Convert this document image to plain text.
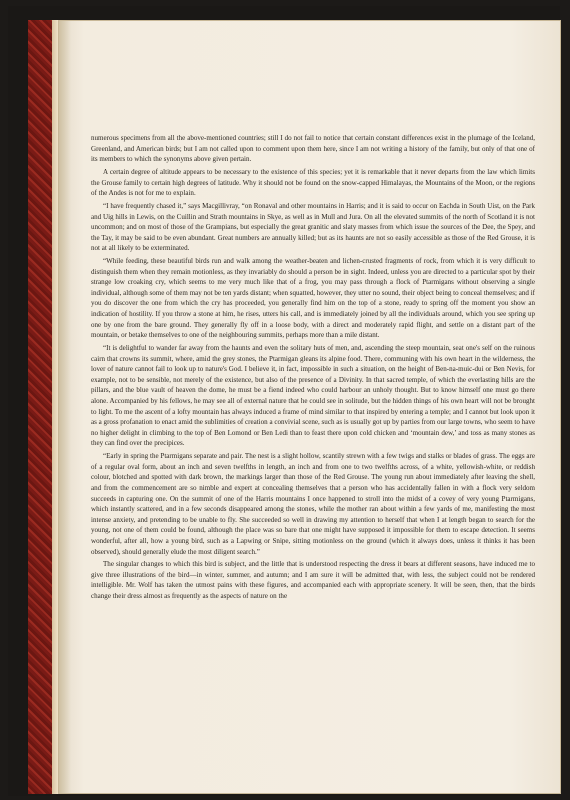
numerous specimens from all the above-mentioned countries; still I do not fail to notice that certain constant differences exist in the plumage of the Iceland, Greenland, and American birds; but I am not called upon to comment upon them here, since I am not writing a history of the family, but only of that one of its members to which the synonyms above given pertain.

A certain degree of altitude appears to be necessary to the existence of this species; yet it is remarkable that it never departs from the law which limits the Grouse family to certain high degrees of latitude. Why it should not be found on the snow-capped Himalayas, the Mountains of the Moon, or the regions of the Andes is not for me to explain.

“I have frequently chased it,” says Macgillivray, “on Ronaval and other mountains in Harris; and it is said to occur on Eachda in South Uist, on the Park and Uig hills in Lewis, on the Cuillin and Strath mountains in Skye, as well as in Mull and Jura. On all the elevated summits of the north of Scotland it is not uncommon; and on most of those of the Grampians, but especially the great granitic and slaty masses from which issue the sources of the Dee, the Spey, and the Tay, it may be said to be even abundant. Great numbers are annually killed; but as its haunts are not so easily accessible as those of the Red Grouse, it is not at all likely to be exterminated.

“While feeding, these beautiful birds run and walk among the weather-beaten and lichen-crusted fragments of rock, from which it is very difficult to distinguish them when they remain motionless, as they invariably do should a person be in sight. Indeed, unless you are directed to a particular spot by their strange low croaking cry, which seems to me very much like that of a frog, you may pass through a flock of Ptarmigans without observing a single individual, although some of them may not be ten yards distant; when squatted, however, they utter no sound, their object being to conceal themselves; and if you do discover the one from which the cry has proceeded, you generally find him on the top of a stone, ready to spring off the moment you show an indication of hostility. If you throw a stone at him, he rises, utters his call, and is immediately joined by all the individuals around, which you see spring up one by one from the bare ground. They generally fly off in a loose body, with a direct and moderately rapid flight, and settle on a distant part of the mountain, or betake themselves to one of the neighbouring summits, perhaps more than a mile distant.

“It is delightful to wander far away from the haunts and even the solitary huts of men, and, ascending the steep mountain, seat one's self on the ruinous cairn that crowns its summit, where, amid the grey stones, the Ptarmigan gleans its alpine food. There, communing with his own heart in the wilderness, the lover of nature cannot fail to look up to nature's God. I believe it, in fact, impossible in such a situation, on the height of Ben-na-muic-dui or Ben Nevis, for example, not to be sensible, not merely of the existence, but also of the presence of a Divinity. In that sacred temple, of which the everlasting hills are the pillars, and the blue vault of heaven the dome, he must be a fiend indeed who could harbour an unholy thought. But to know himself one must go there alone. Accompanied by his fellows, he may see all of external nature that he could see in solitude, but the hidden things of his own heart will not be brought to light. To me the ascent of a lofty mountain has always induced a frame of mind similar to that inspired by entering a temple; and I cannot but look upon it as a gross profanation to enact amid the sublimities of creation a convivial scene, such as is usually got up by parties from our large towns, who seem to have no higher delight in climbing to the top of Ben Lomond or Ben Ledi than to feast there upon cold chicken and ‘mountain dew,’ and toss as many stones as they can find over the precipices.

“Early in spring the Ptarmigans separate and pair. The nest is a slight hollow, scantily strewn with a few twigs and stalks or blades of grass. The eggs are of a regular oval form, about an inch and seven twelfths in length, an inch and from one to two twelfths across, of a white, yellowish-white, or reddish colour, blotched and spotted with dark brown, the markings larger than those of the Red Grouse. The young run about immediately after leaving the shell, and from the commencement are so nimble and expert at concealing themselves that a person who has accidentally fallen in with a flock very seldom succeeds in capturing one. On the summit of one of the Harris mountains I once happened to stroll into the midst of a covey of very young Ptarmigans, which instantly scattered, and in a few seconds disappeared among the stones, while the mother ran about within a few yards of me, manifesting the most intense anxiety, and pretending to be unable to fly. She succeeded so well in drawing my attention to herself that when I at length began to search for the young, not one of them could be found, although the place was so bare that one might have supposed it impossible for them to escape detection. It seems wonderful, after all, how a young bird, such as a Lapwing or Snipe, sitting motionless on the ground (which it always does, unless it thinks it has been observed), should generally elude the most diligent search.”

The singular changes to which this bird is subject, and the little that is understood respecting the dress it bears at different seasons, have induced me to give three illustrations of the bird—in winter, summer, and autumn; and I am sure it will be admitted that, with less, the subject could not be rendered intelligible. Mr. Wolf has taken the utmost pains with these figures, and accompanied each with appropriate scenery. It will be seen, then, that the birds change their dress almost as frequently as the aspects of nature on the
